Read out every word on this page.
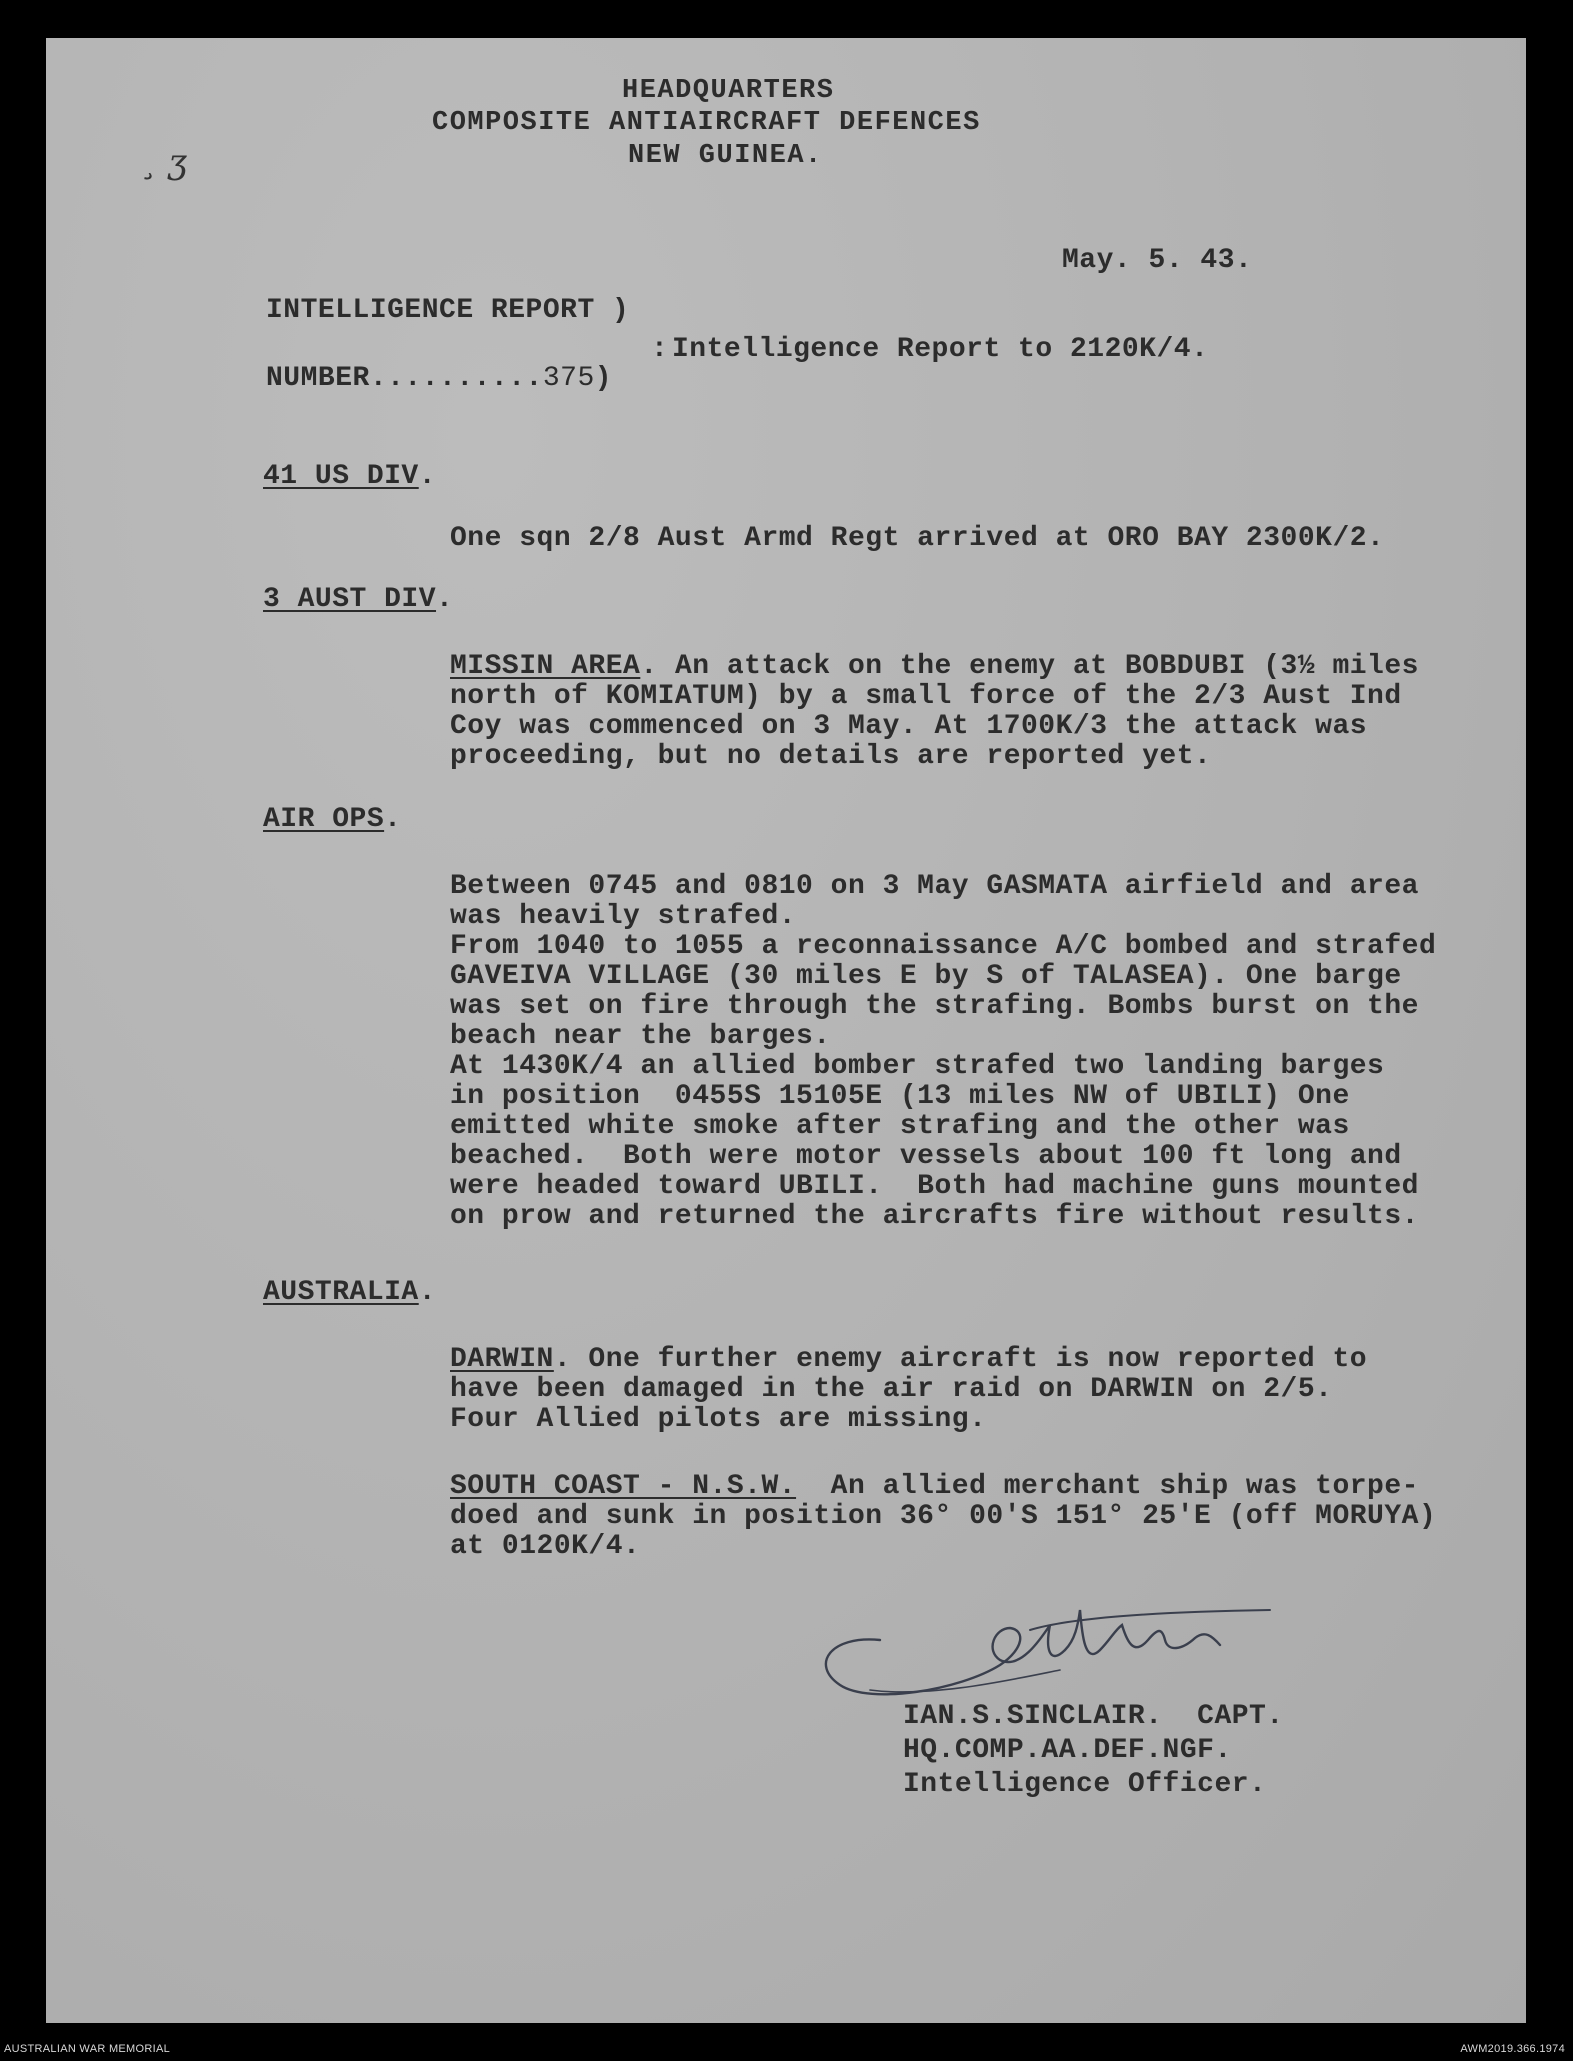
¸ ʒ
HEADQUARTERS
COMPOSITE ANTIAIRCRAFT DEFENCES
NEW GUINEA.
May. 5. 43.
INTELLIGENCE REPORT )
: Intelligence Report to 2120K/4.
NUMBER..........375)
41 US DIV.
One sqn 2/8 Aust Armd Regt arrived at ORO BAY 2300K/2.
3 AUST DIV.
MISSIN AREA. An attack on the enemy at BOBDUBI (3½ miles
north of KOMIATUM) by a small force of the 2/3 Aust Ind
Coy was commenced on 3 May. At 1700K/3 the attack was
proceeding, but no details are reported yet.
AIR OPS.
Between 0745 and 0810 on 3 May GASMATA airfield and area
was heavily strafed.
From 1040 to 1055 a reconnaissance A/C bombed and strafed
GAVEIVA VILLAGE (30 miles E by S of TALASEA). One barge
was set on fire through the strafing. Bombs burst on the
beach near the barges.
At 1430K/4 an allied bomber strafed two landing barges
in position  0455S 15105E (13 miles NW of UBILI) One
emitted white smoke after strafing and the other was
beached.  Both were motor vessels about 100 ft long and
were headed toward UBILI.  Both had machine guns mounted
on prow and returned the aircrafts fire without results.
AUSTRALIA.
DARWIN. One further enemy aircraft is now reported to
have been damaged in the air raid on DARWIN on 2/5.
Four Allied pilots are missing.
SOUTH COAST - N.S.W.  An allied merchant ship was torpe-
doed and sunk in position 36° 00'S 151° 25'E (off MORUYA)
at 0120K/4.
IAN.S.SINCLAIR.  CAPT.
HQ.COMP.AA.DEF.NGF.
Intelligence Officer.
AUSTRALIAN WAR MEMORIAL	AWM2019.366.1974
